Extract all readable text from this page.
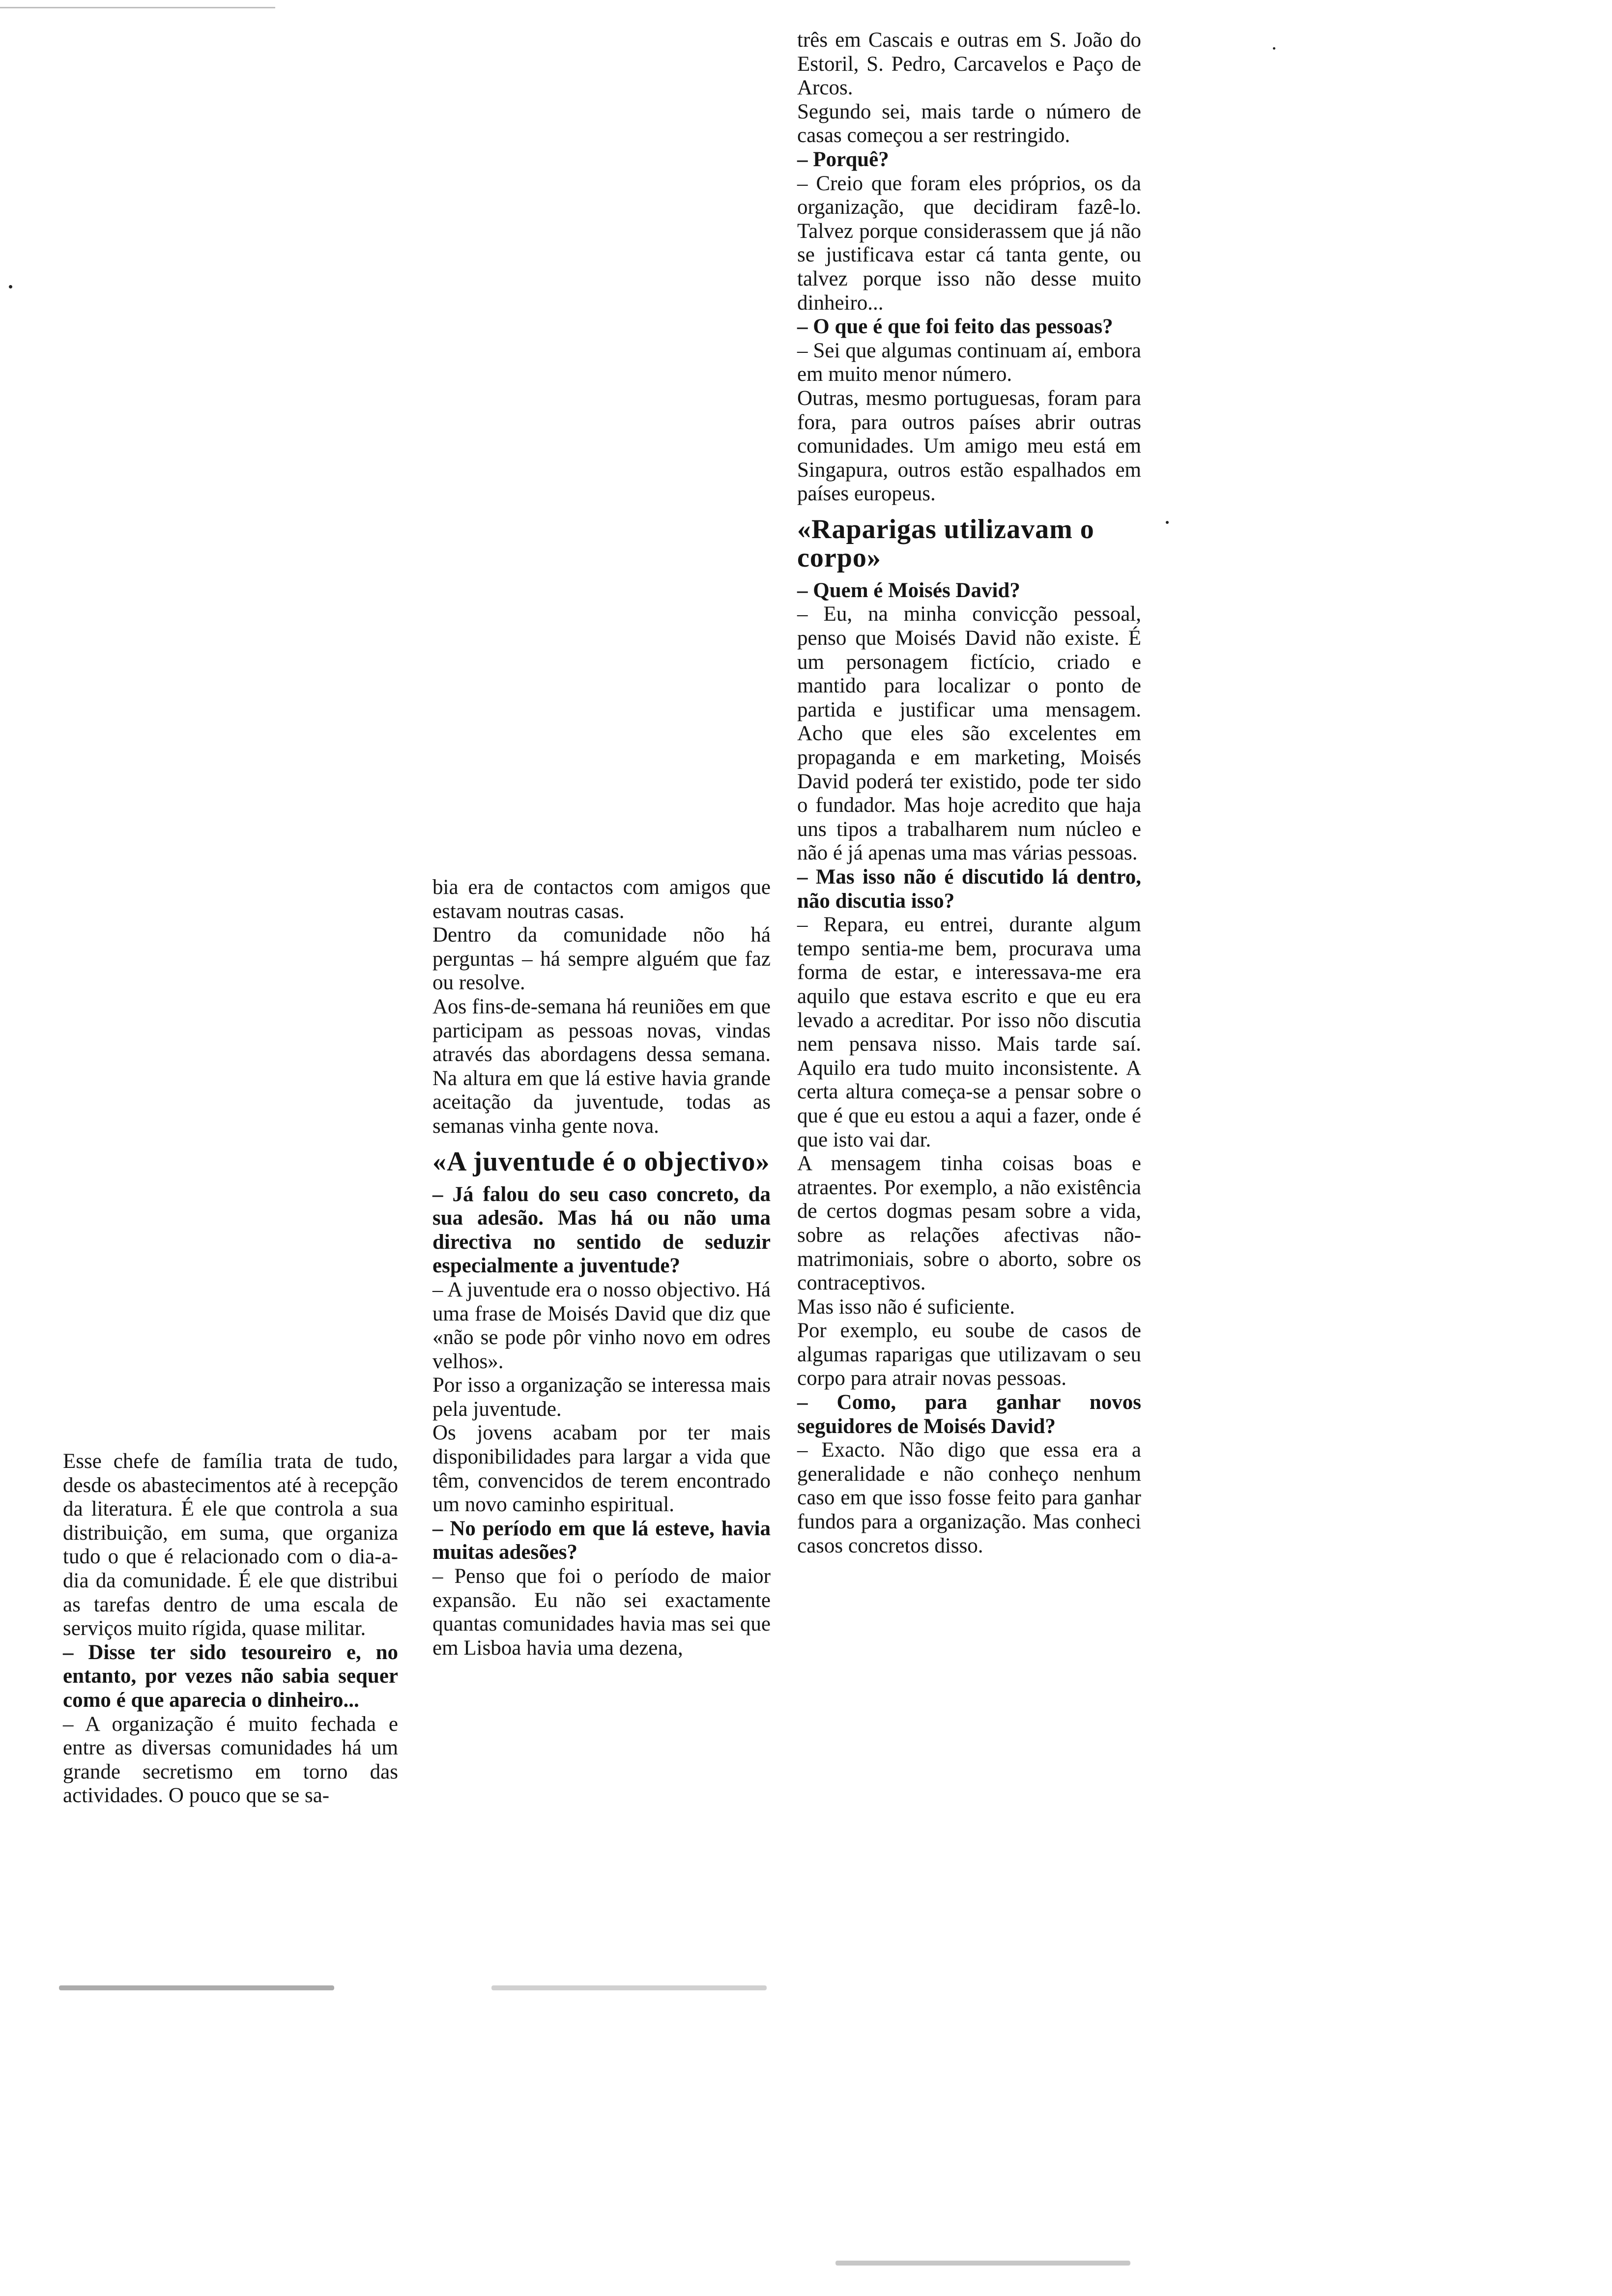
Esse chefe de família trata de tudo, desde os abastecimentos até à recepção da literatura. É ele que controla a sua distribuição, em suma, que organiza tudo o que é relacionado com o dia-a-dia da comunidade. É ele que distribui as tarefas dentro de uma escala de serviços muito rígida, quase militar.

– Disse ter sido tesoureiro e, no entanto, por vezes não sabia sequer como é que aparecia o dinheiro...

– A organização é muito fechada e entre as diversas comunidades há um grande secretismo em torno das actividades. O pouco que se sa-

bia era de contactos com amigos que estavam noutras casas.

Dentro da comunidade nõo há perguntas – há sempre alguém que faz ou resolve.

Aos fins-de-semana há reuniões em que participam as pessoas novas, vindas através das abordagens dessa semana. Na altura em que lá estive havia grande aceitação da juventude, todas as semanas vinha gente nova.

«A juventude é o objectivo»

– Já falou do seu caso concreto, da sua adesão. Mas há ou não uma directiva no sentido de seduzir especialmente a juventude?

– A juventude era o nosso objectivo. Há uma frase de Moisés David que diz que «não se pode pôr vinho novo em odres velhos».

Por isso a organização se interessa mais pela juventude.

Os jovens acabam por ter mais disponibilidades para largar a vida que têm, convencidos de terem encontrado um novo caminho espiritual.

– No período em que lá esteve, havia muitas adesões?

– Penso que foi o período de maior expansão. Eu não sei exactamente quantas comunidades havia mas sei que em Lisboa havia uma dezena,

três em Cascais e outras em S. João do Estoril, S. Pedro, Carcavelos e Paço de Arcos.

Segundo sei, mais tarde o número de casas começou a ser restringido.

– Porquê?

– Creio que foram eles próprios, os da organização, que decidiram fazê-lo. Talvez porque considerassem que já não se justificava estar cá tanta gente, ou talvez porque isso não desse muito dinheiro...

– O que é que foi feito das pessoas?

– Sei que algumas continuam aí, embora em muito menor número.

Outras, mesmo portuguesas, foram para fora, para outros países abrir outras comunidades. Um amigo meu está em Singapura, outros estão espalhados em países europeus.

«Raparigas utilizavam o corpo»

– Quem é Moisés David?

– Eu, na minha convicção pessoal, penso que Moisés David não existe. É um personagem fictício, criado e mantido para localizar o ponto de partida e justificar uma mensagem. Acho que eles são excelentes em propaganda e em marketing, Moisés David poderá ter existido, pode ter sido o fundador. Mas hoje acredito que haja uns tipos a trabalharem num núcleo e não é já apenas uma mas várias pessoas.

– Mas isso não é discutido lá dentro, não discutia isso?

– Repara, eu entrei, durante algum tempo sentia-me bem, procurava uma forma de estar, e interessava-me era aquilo que estava escrito e que eu era levado a acreditar. Por isso nõo discutia nem pensava nisso. Mais tarde saí. Aquilo era tudo muito inconsistente. A certa altura começa-se a pensar sobre o que é que eu estou a aqui a fazer, onde é que isto vai dar.

A mensagem tinha coisas boas e atraentes. Por exemplo, a não existência de certos dogmas pesam sobre a vida, sobre as relações afectivas não-matrimoniais, sobre o aborto, sobre os contraceptivos.

Mas isso não é suficiente.

Por exemplo, eu soube de casos de algumas raparigas que utilizavam o seu corpo para atrair novas pessoas.

– Como, para ganhar novos seguidores de Moisés David?

– Exacto. Não digo que essa era a generalidade e não conheço nenhum caso em que isso fosse feito para ganhar fundos para a organização. Mas conheci casos concretos disso.
